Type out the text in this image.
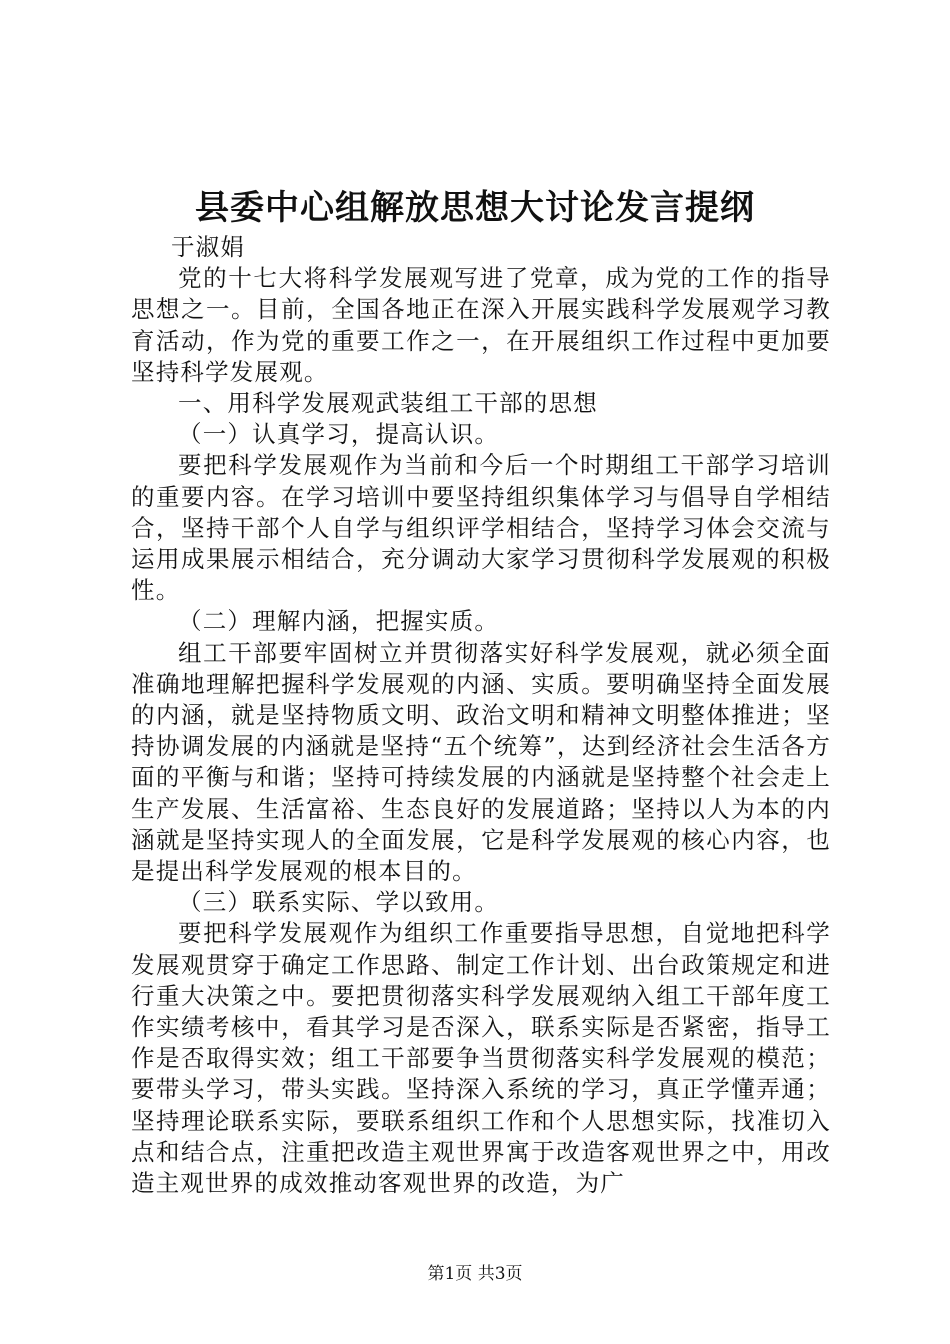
县委中心组解放思想大讨论发言提纲

于淑娟

党的十七大将科学发展观写进了党章，成为党的工作的指导思想之一。目前，全国各地正在深入开展实践科学发展观学习教育活动，作为党的重要工作之一，在开展组织工作过程中更加要坚持科学发展观。

一、用科学发展观武装组工干部的思想

（一）认真学习，提高认识。

要把科学发展观作为当前和今后一个时期组工干部学习培训的重要内容。在学习培训中要坚持组织集体学习与倡导自学相结合，坚持干部个人自学与组织评学相结合，坚持学习体会交流与运用成果展示相结合，充分调动大家学习贯彻科学发展观的积极性。

（二）理解内涵，把握实质。

组工干部要牢固树立并贯彻落实好科学发展观，就必须全面准确地理解把握科学发展观的内涵、实质。要明确坚持全面发展的内涵，就是坚持物质文明、政治文明和精神文明整体推进；坚持协调发展的内涵就是坚持“五个统筹”，达到经济社会生活各方面的平衡与和谐；坚持可持续发展的内涵就是坚持整个社会走上生产发展、生活富裕、生态良好的发展道路；坚持以人为本的内涵就是坚持实现人的全面发展，它是科学发展观的核心内容，也是提出科学发展观的根本目的。

（三）联系实际、学以致用。

要把科学发展观作为组织工作重要指导思想，自觉地把科学发展观贯穿于确定工作思路、制定工作计划、出台政策规定和进行重大决策之中。要把贯彻落实科学发展观纳入组工干部年度工作实绩考核中，看其学习是否深入，联系实际是否紧密，指导工作是否取得实效；组工干部要争当贯彻落实科学发展观的模范；要带头学习，带头实践。坚持深入系统的学习，真正学懂弄通；坚持理论联系实际，要联系组织工作和个人思想实际，找准切入点和结合点，注重把改造主观世界寓于改造客观世界之中，用改造主观世界的成效推动客观世界的改造，为广

第1页 共3页
